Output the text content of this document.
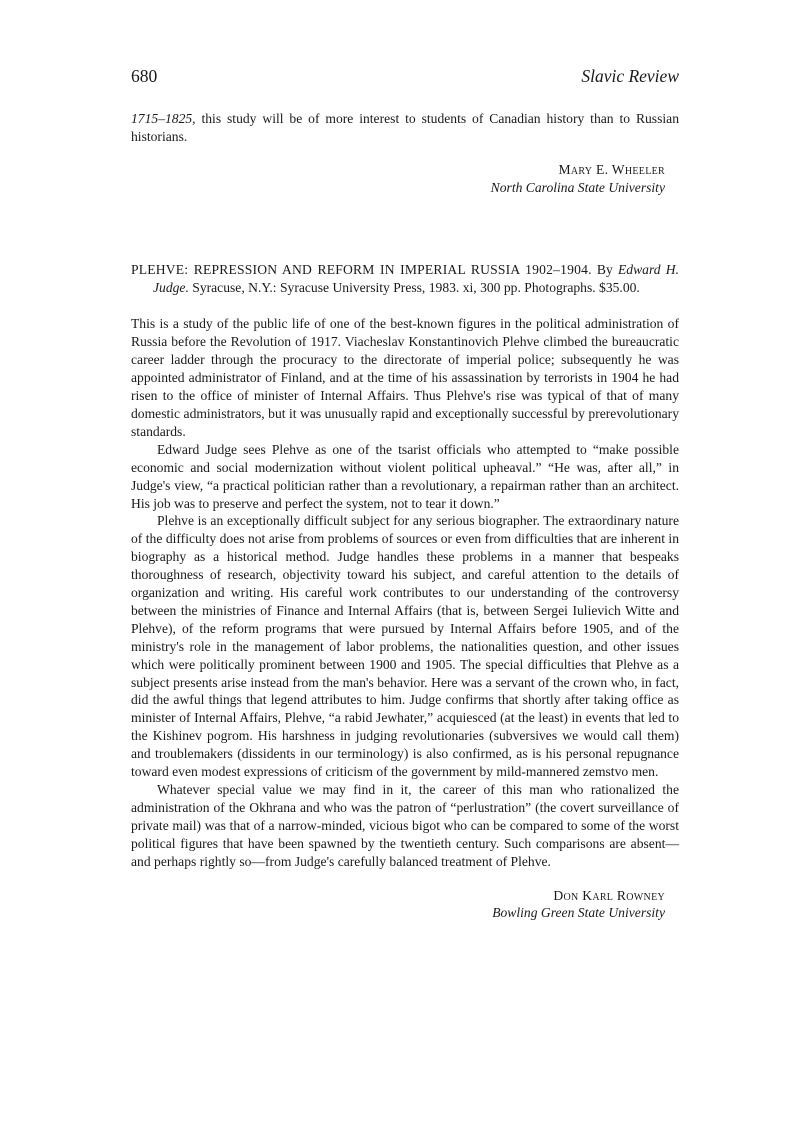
680	Slavic Review

1715–1825, this study will be of more interest to students of Canadian history than to Russian historians.

Mary E. Wheeler
North Carolina State University

PLEHVE: REPRESSION AND REFORM IN IMPERIAL RUSSIA 1902–1904. By Edward H. Judge. Syracuse, N.Y.: Syracuse University Press, 1983. xi, 300 pp. Photographs. $35.00.

This is a study of the public life of one of the best-known figures in the political administration of Russia before the Revolution of 1917. Viacheslav Konstantinovich Plehve climbed the bureaucratic career ladder through the procuracy to the directorate of imperial police; subsequently he was appointed administrator of Finland, and at the time of his assassination by terrorists in 1904 he had risen to the office of minister of Internal Affairs. Thus Plehve's rise was typical of that of many domestic administrators, but it was unusually rapid and exceptionally successful by prerevolutionary standards.

Edward Judge sees Plehve as one of the tsarist officials who attempted to “make possible economic and social modernization without violent political upheaval.” “He was, after all,” in Judge's view, “a practical politician rather than a revolutionary, a repairman rather than an architect. His job was to preserve and perfect the system, not to tear it down.”

Plehve is an exceptionally difficult subject for any serious biographer. The extraordinary nature of the difficulty does not arise from problems of sources or even from difficulties that are inherent in biography as a historical method. Judge handles these problems in a manner that bespeaks thoroughness of research, objectivity toward his subject, and careful attention to the details of organization and writing. His careful work contributes to our understanding of the controversy between the ministries of Finance and Internal Affairs (that is, between Sergei Iulievich Witte and Plehve), of the reform programs that were pursued by Internal Affairs before 1905, and of the ministry's role in the management of labor problems, the nationalities question, and other issues which were politically prominent between 1900 and 1905. The special difficulties that Plehve as a subject presents arise instead from the man's behavior. Here was a servant of the crown who, in fact, did the awful things that legend attributes to him. Judge confirms that shortly after taking office as minister of Internal Affairs, Plehve, “a rabid Jewhater,” acquiesced (at the least) in events that led to the Kishinev pogrom. His harshness in judging revolutionaries (subversives we would call them) and troublemakers (dissidents in our terminology) is also confirmed, as is his personal repugnance toward even modest expressions of criticism of the government by mild-mannered zemstvo men.

Whatever special value we may find in it, the career of this man who rationalized the administration of the Okhrana and who was the patron of “perlustration” (the covert surveillance of private mail) was that of a narrow-minded, vicious bigot who can be compared to some of the worst political figures that have been spawned by the twentieth century. Such comparisons are absent—and perhaps rightly so—from Judge's carefully balanced treatment of Plehve.

Don Karl Rowney
Bowling Green State University
